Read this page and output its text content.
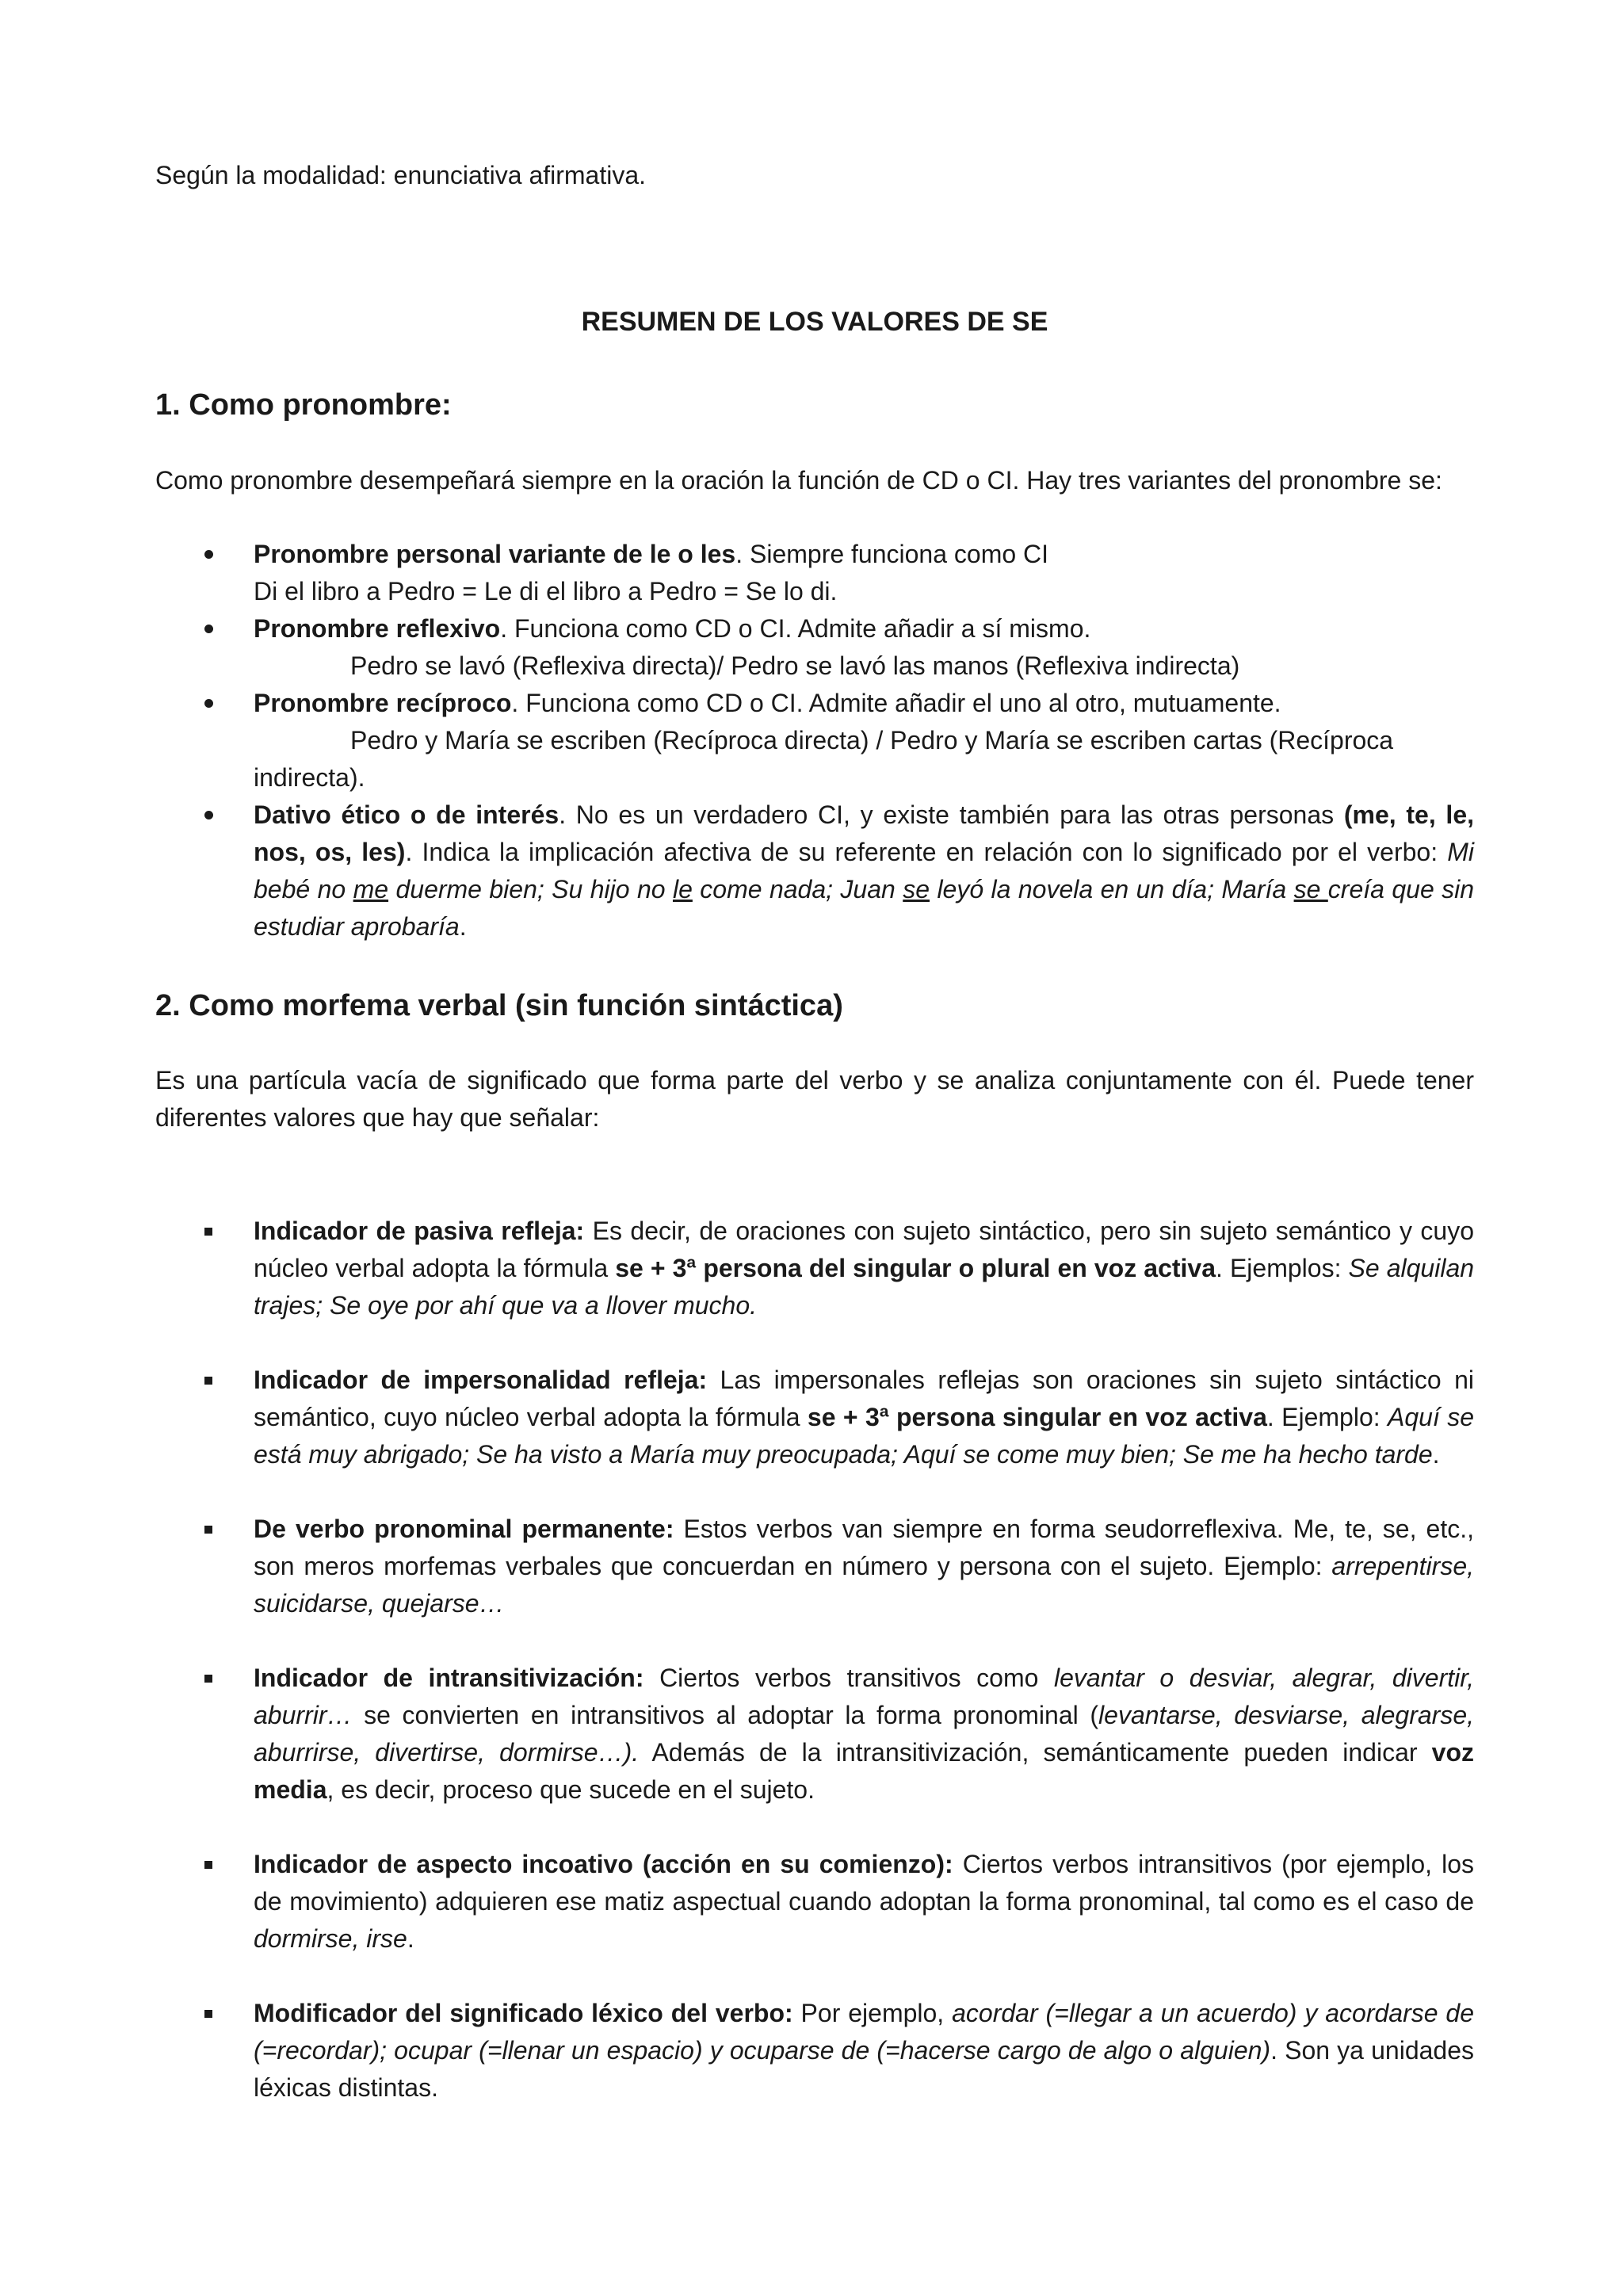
Según la modalidad: enunciativa afirmativa.
RESUMEN DE LOS VALORES DE SE
1. Como pronombre:
Como pronombre desempeñará siempre en la oración la función de CD o CI. Hay tres variantes del pronombre se:
Pronombre personal variante de le o les. Siempre funciona como CI
Di el libro a Pedro = Le di el libro a Pedro = Se lo di.
Pronombre reflexivo. Funciona como CD o CI. Admite añadir a sí mismo.
Pedro se lavó (Reflexiva directa)/ Pedro se lavó las manos (Reflexiva indirecta)
Pronombre recíproco. Funciona como CD o CI. Admite añadir el uno al otro, mutuamente.
Pedro y María se escriben (Recíproca directa) / Pedro y María se escriben cartas (Recíproca
indirecta).
Dativo ético o de interés. No es un verdadero CI, y existe también para las otras personas (me, te, le, nos, os, les). Indica la implicación afectiva de su referente en relación con lo significado por el verbo: Mi bebé no me duerme bien; Su hijo no le come nada; Juan se leyó la novela en un día; María se creía que sin estudiar aprobaría.
2. Como morfema verbal (sin función sintáctica)
Es una partícula vacía de significado que forma parte del verbo y se analiza conjuntamente con él. Puede tener diferentes valores que hay que señalar:
Indicador de pasiva refleja: Es decir, de oraciones con sujeto sintáctico, pero sin sujeto semántico y cuyo núcleo verbal adopta la fórmula se + 3ª persona del singular o plural en voz activa. Ejemplos: Se alquilan trajes; Se oye por ahí que va a llover mucho.
Indicador de impersonalidad refleja: Las impersonales reflejas son oraciones sin sujeto sintáctico ni semántico, cuyo núcleo verbal adopta la fórmula se + 3ª persona singular en voz activa. Ejemplo: Aquí se está muy abrigado; Se ha visto a María muy preocupada; Aquí se come muy bien; Se me ha hecho tarde.
De verbo pronominal permanente: Estos verbos van siempre en forma seudorreflexiva. Me, te, se, etc., son meros morfemas verbales que concuerdan en número y persona con el sujeto. Ejemplo: arrepentirse, suicidarse, quejarse…
Indicador de intransitivización: Ciertos verbos transitivos como levantar o desviar, alegrar, divertir, aburrir… se convierten en intransitivos al adoptar la forma pronominal (levantarse, desviarse, alegrarse, aburrirse, divertirse, dormirse…). Además de la intransitivización, semánticamente pueden indicar voz media, es decir, proceso que sucede en el sujeto.
Indicador de aspecto incoativo (acción en su comienzo): Ciertos verbos intransitivos (por ejemplo, los de movimiento) adquieren ese matiz aspectual cuando adoptan la forma pronominal, tal como es el caso de dormirse, irse.
Modificador del significado léxico del verbo: Por ejemplo, acordar (=llegar a un acuerdo) y acordarse de (=recordar); ocupar (=llenar un espacio) y ocuparse de (=hacerse cargo de algo o alguien). Son ya unidades léxicas distintas.
